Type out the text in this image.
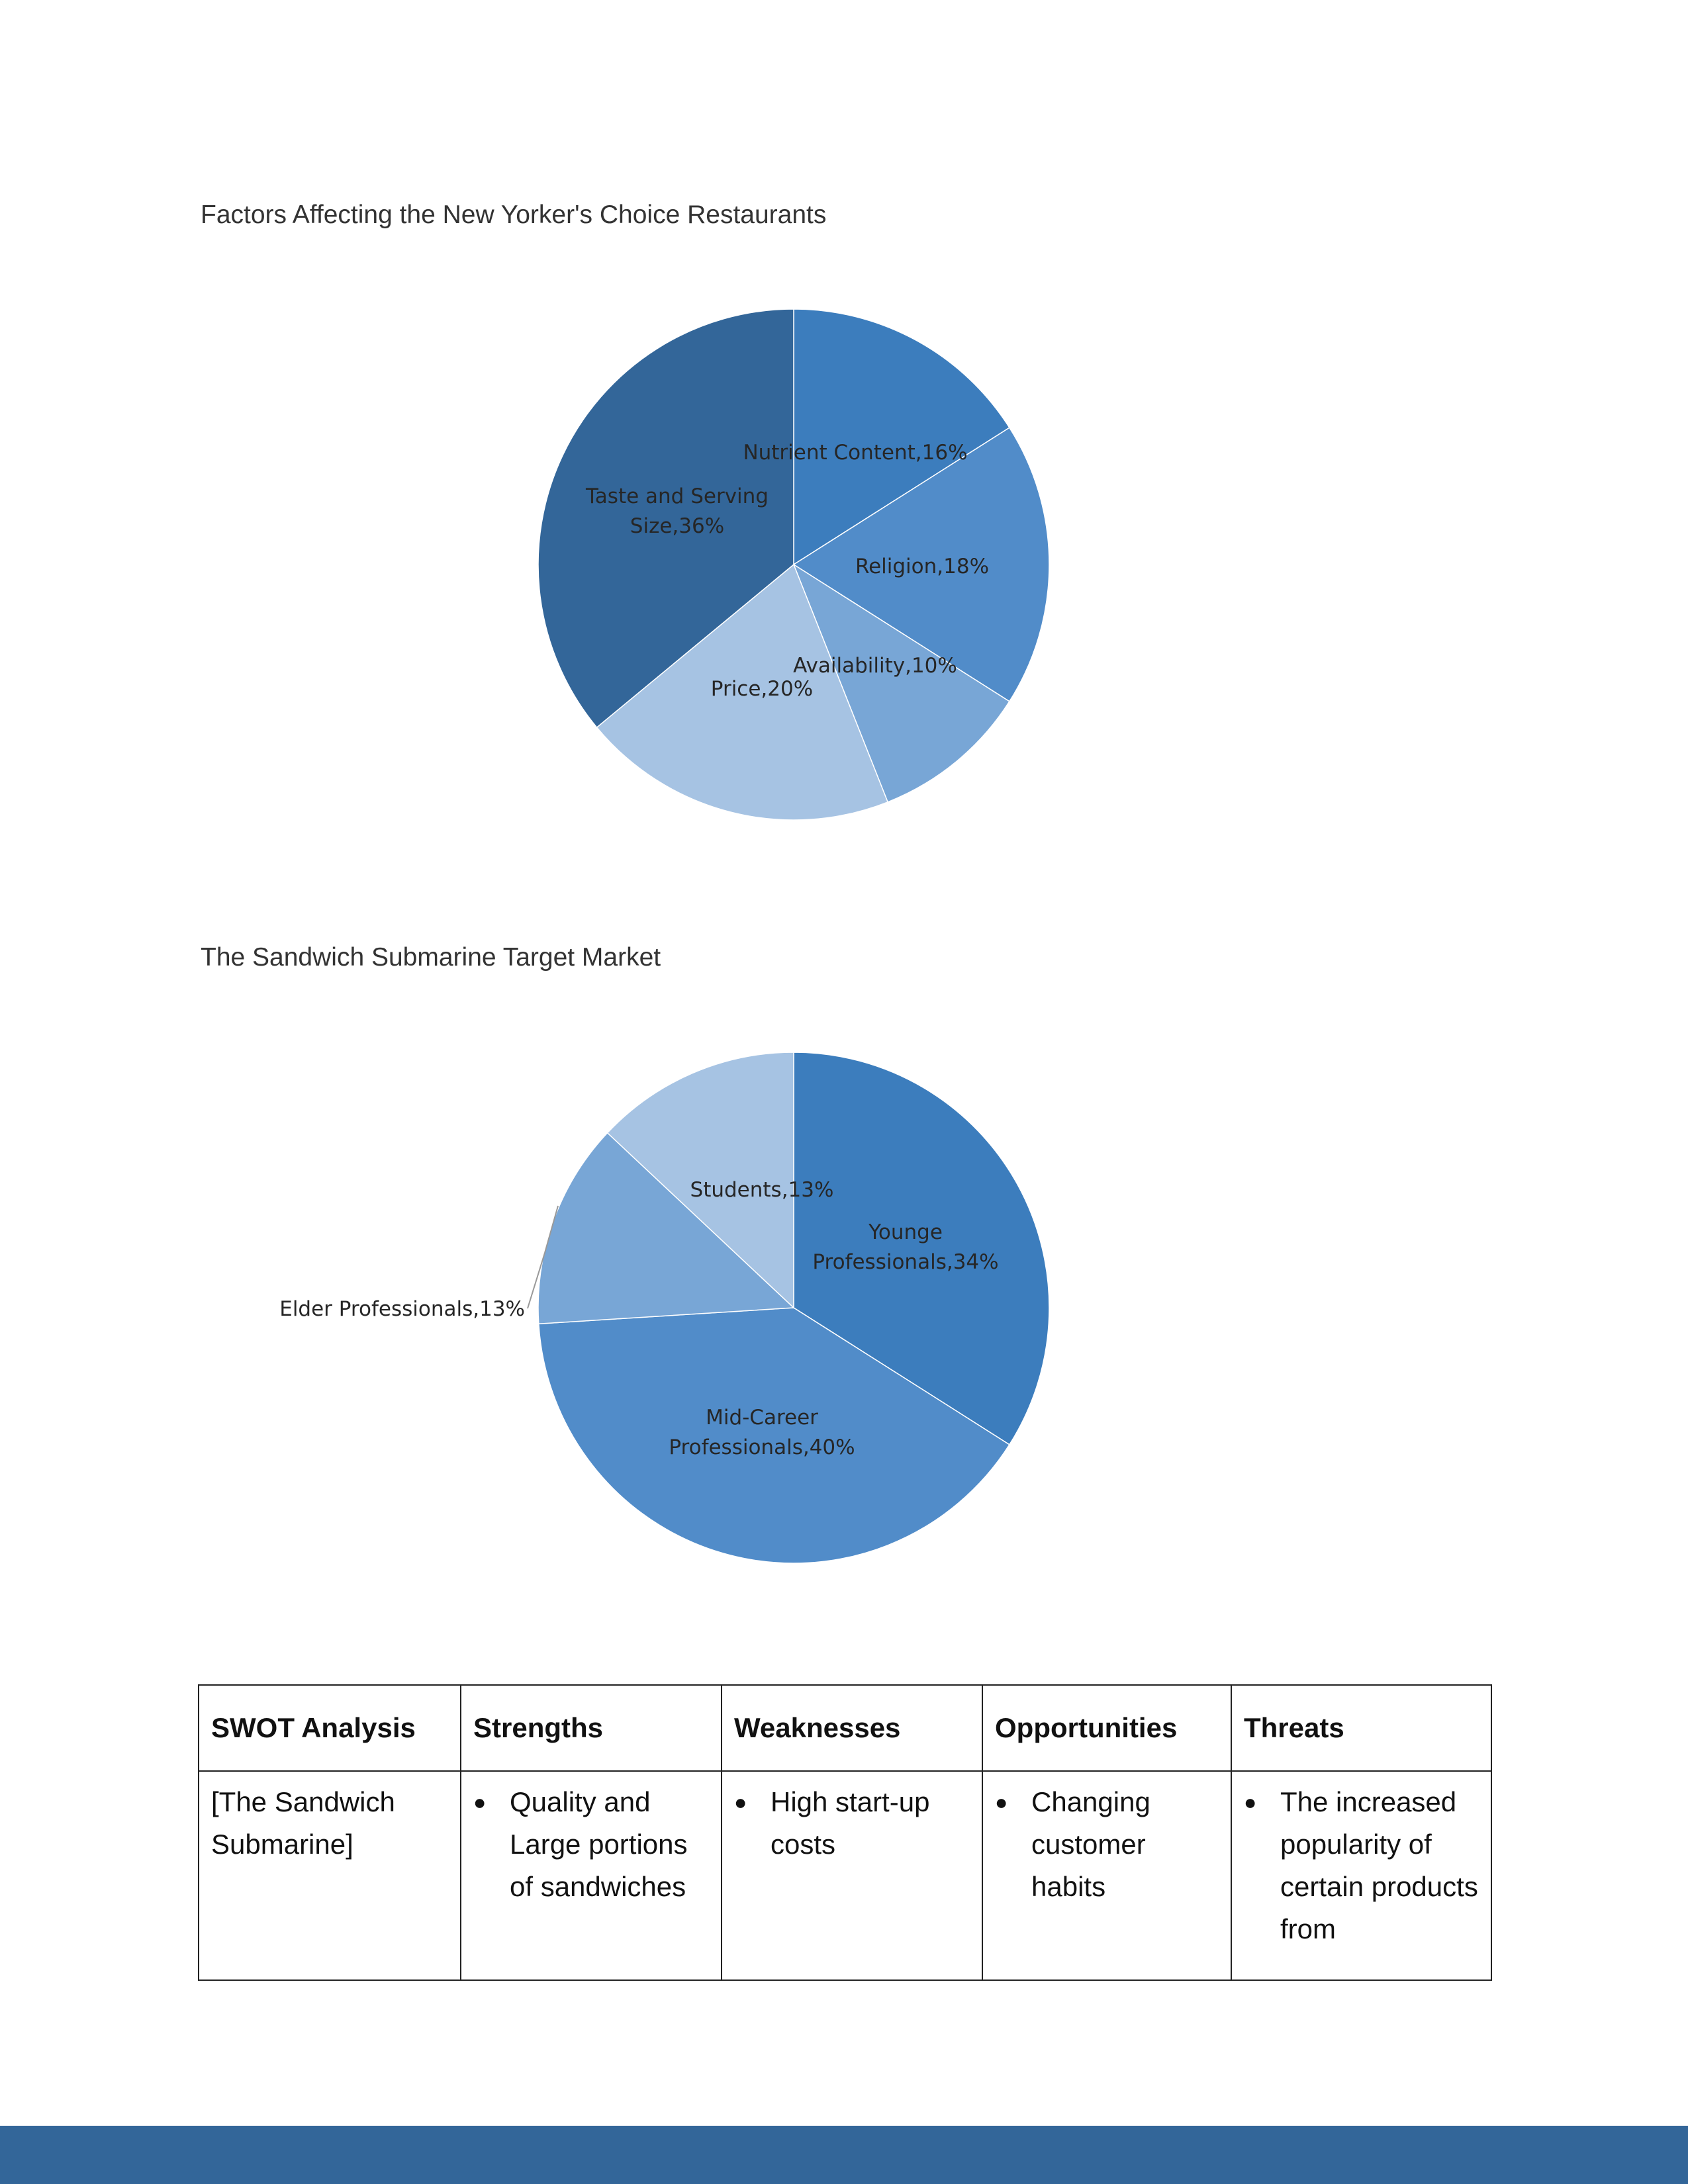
Factors Affecting the New Yorker's Choice Restaurants
Nutrient Content,16%
Religion,18%
Availability,10%
Price,20%
Taste and Serving Size,36%
The Sandwich Submarine Target Market
Younge Professionals,34%
Mid-Career Professionals,40%
Elder Professionals,13%
Students,13%
SWOT Analysis	Strengths	Weaknesses	Opportunities	Threats
[The Sandwich Submarine]	● Quality and Large portions of sandwiches	● High start-up costs	● Changing customer habits	● The increased popularity of certain products from
